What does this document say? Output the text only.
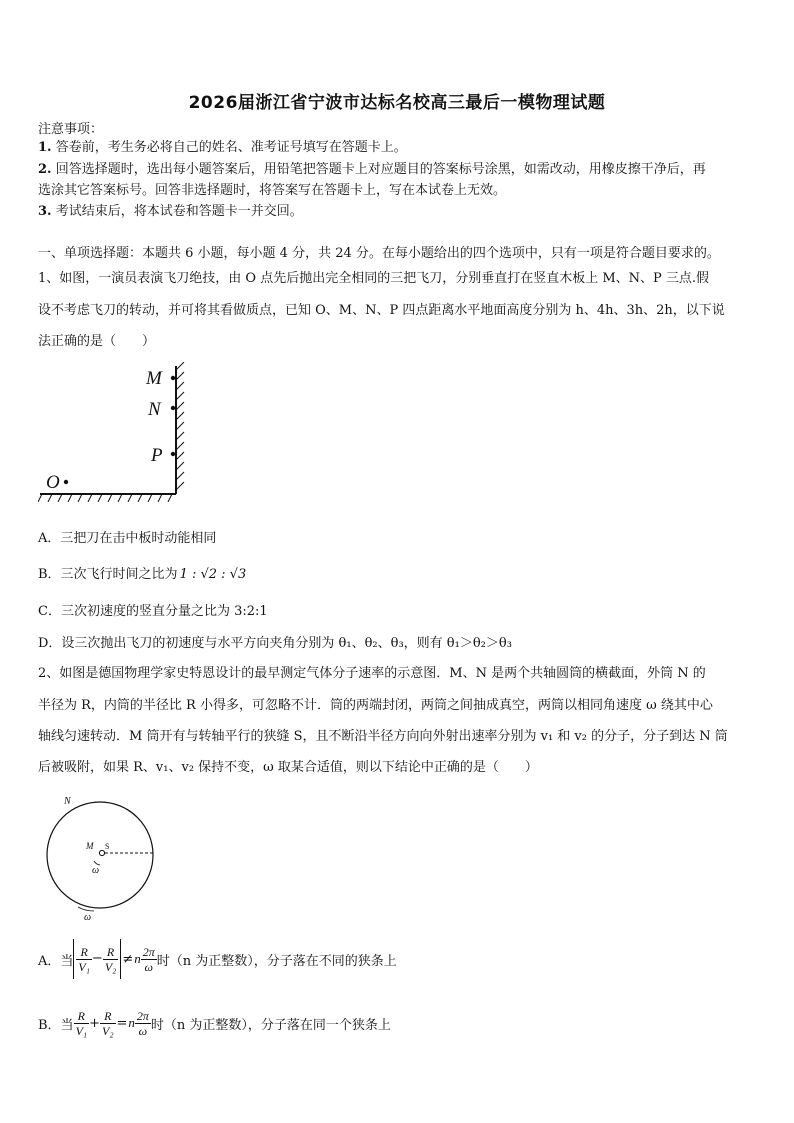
2026届浙江省宁波市达标名校高三最后一模物理试题
注意事项：
1. 答卷前，考生务必将自己的姓名、准考证号填写在答题卡上。
2. 回答选择题时，选出每小题答案后，用铅笔把答题卡上对应题目的答案标号涂黑，如需改动，用橡皮擦干净后，再
选涂其它答案标号。回答非选择题时，将答案写在答题卡上，写在本试卷上无效。
3. 考试结束后，将本试卷和答题卡一并交回。
一、单项选择题：本题共 6 小题，每小题 4 分，共 24 分。在每小题给出的四个选项中，只有一项是符合题目要求的。
1、如图，一演员表演飞刀绝技，由 O 点先后抛出完全相同的三把飞刀，分别垂直打在竖直木板上 M、N、P 三点.假
设不考虑飞刀的转动，并可将其看做质点，已知 O、M、N、P 四点距离水平地面高度分别为 h、4h、3h、2h，以下说
法正确的是（　　）
M
N
P
O
A．三把刀在击中板时动能相同
B．三次飞行时间之比为 1 : √2 : √3
C．三次初速度的竖直分量之比为 3:2:1
D．设三次抛出飞刀的初速度与水平方向夹角分别为 θ₁、θ₂、θ₃，则有 θ₁＞θ₂＞θ₃
2、如图是德国物理学家史特恩设计的最早测定气体分子速率的示意图．M、N 是两个共轴圆筒的横截面，外筒 N 的
半径为 R，内筒的半径比 R 小得多，可忽略不计．筒的两端封闭，两筒之间抽成真空，两筒以相同角速度 ω 绕其中心
轴线匀速转动．M 筒开有与转轴平行的狭缝 S，且不断沿半径方向向外射出速率分别为 v₁ 和 v₂ 的分子，分子到达 N 筒
后被吸附，如果 R、v₁、v₂ 保持不变，ω 取某合适值，则以下结论中正确的是（　　）
N
M S
ω
ω
A．当 $\frac{R}{\text{V₁}} - \frac{R}{\text{V₂}} \ne n \frac{2\pi}{\omega}$ 时（n 为正整数），分子落在不同的狭条上
B．当 $\frac{R}{\text{V₁}} + \frac{R}{\text{V₂}} = n \frac{2\pi}{\omega}$ 时（n 为正整数），分子落在同一个狭条上
